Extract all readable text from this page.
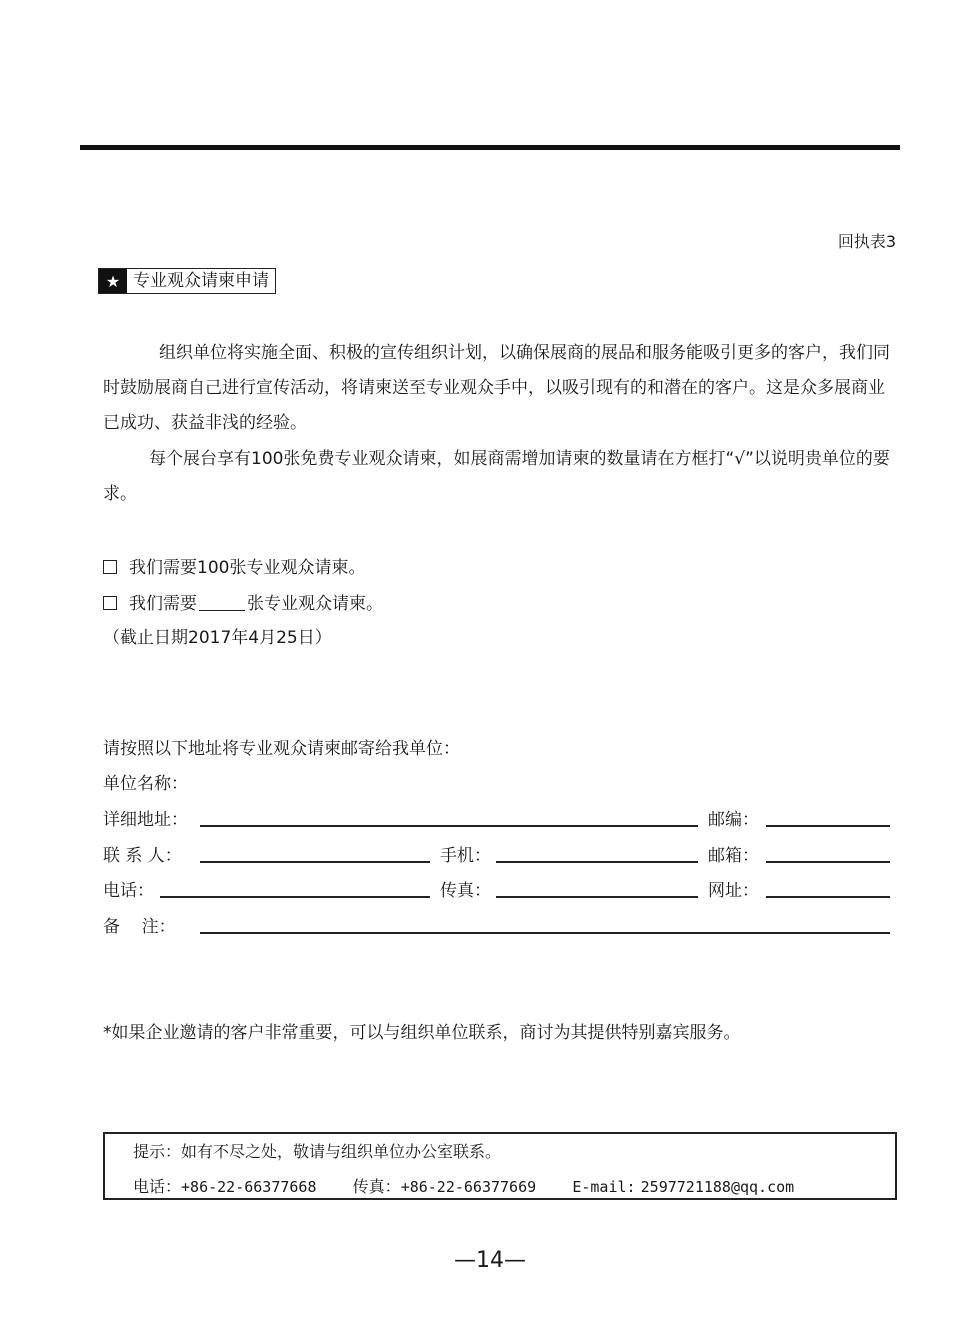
回执表3
★ 专业观众请柬申请

组织单位将实施全面、积极的宣传组织计划，以确保展商的展品和服务能吸引更多的客户，我们同时鼓励展商自己进行宣传活动，将请柬送至专业观众手中，以吸引现有的和潜在的客户。这是众多展商业已成功、获益非浅的经验。

每个展台享有100张免费专业观众请柬，如展商需增加请柬的数量请在方框打“√”以说明贵单位的要求。

我们需要100张专业观众请柬。
我们需要	张专业观众请柬。
（截止日期2017年4月25日）
请按照以下地址将专业观众请柬邮寄给我单位：
单位名称：
详细地址：	邮编：
联 系 人：	手机：	邮箱：
电话：	传真：	网址：
备    注：
*如果企业邀请的客户非常重要，可以与组织单位联系，商讨为其提供特别嘉宾服务。
提示：如有不尽之处，敬请与组织单位办公室联系。
电话：+86-22-66377668 传真：+86-22-66377669 E-mail: 2597721188@qq.com
—14—
